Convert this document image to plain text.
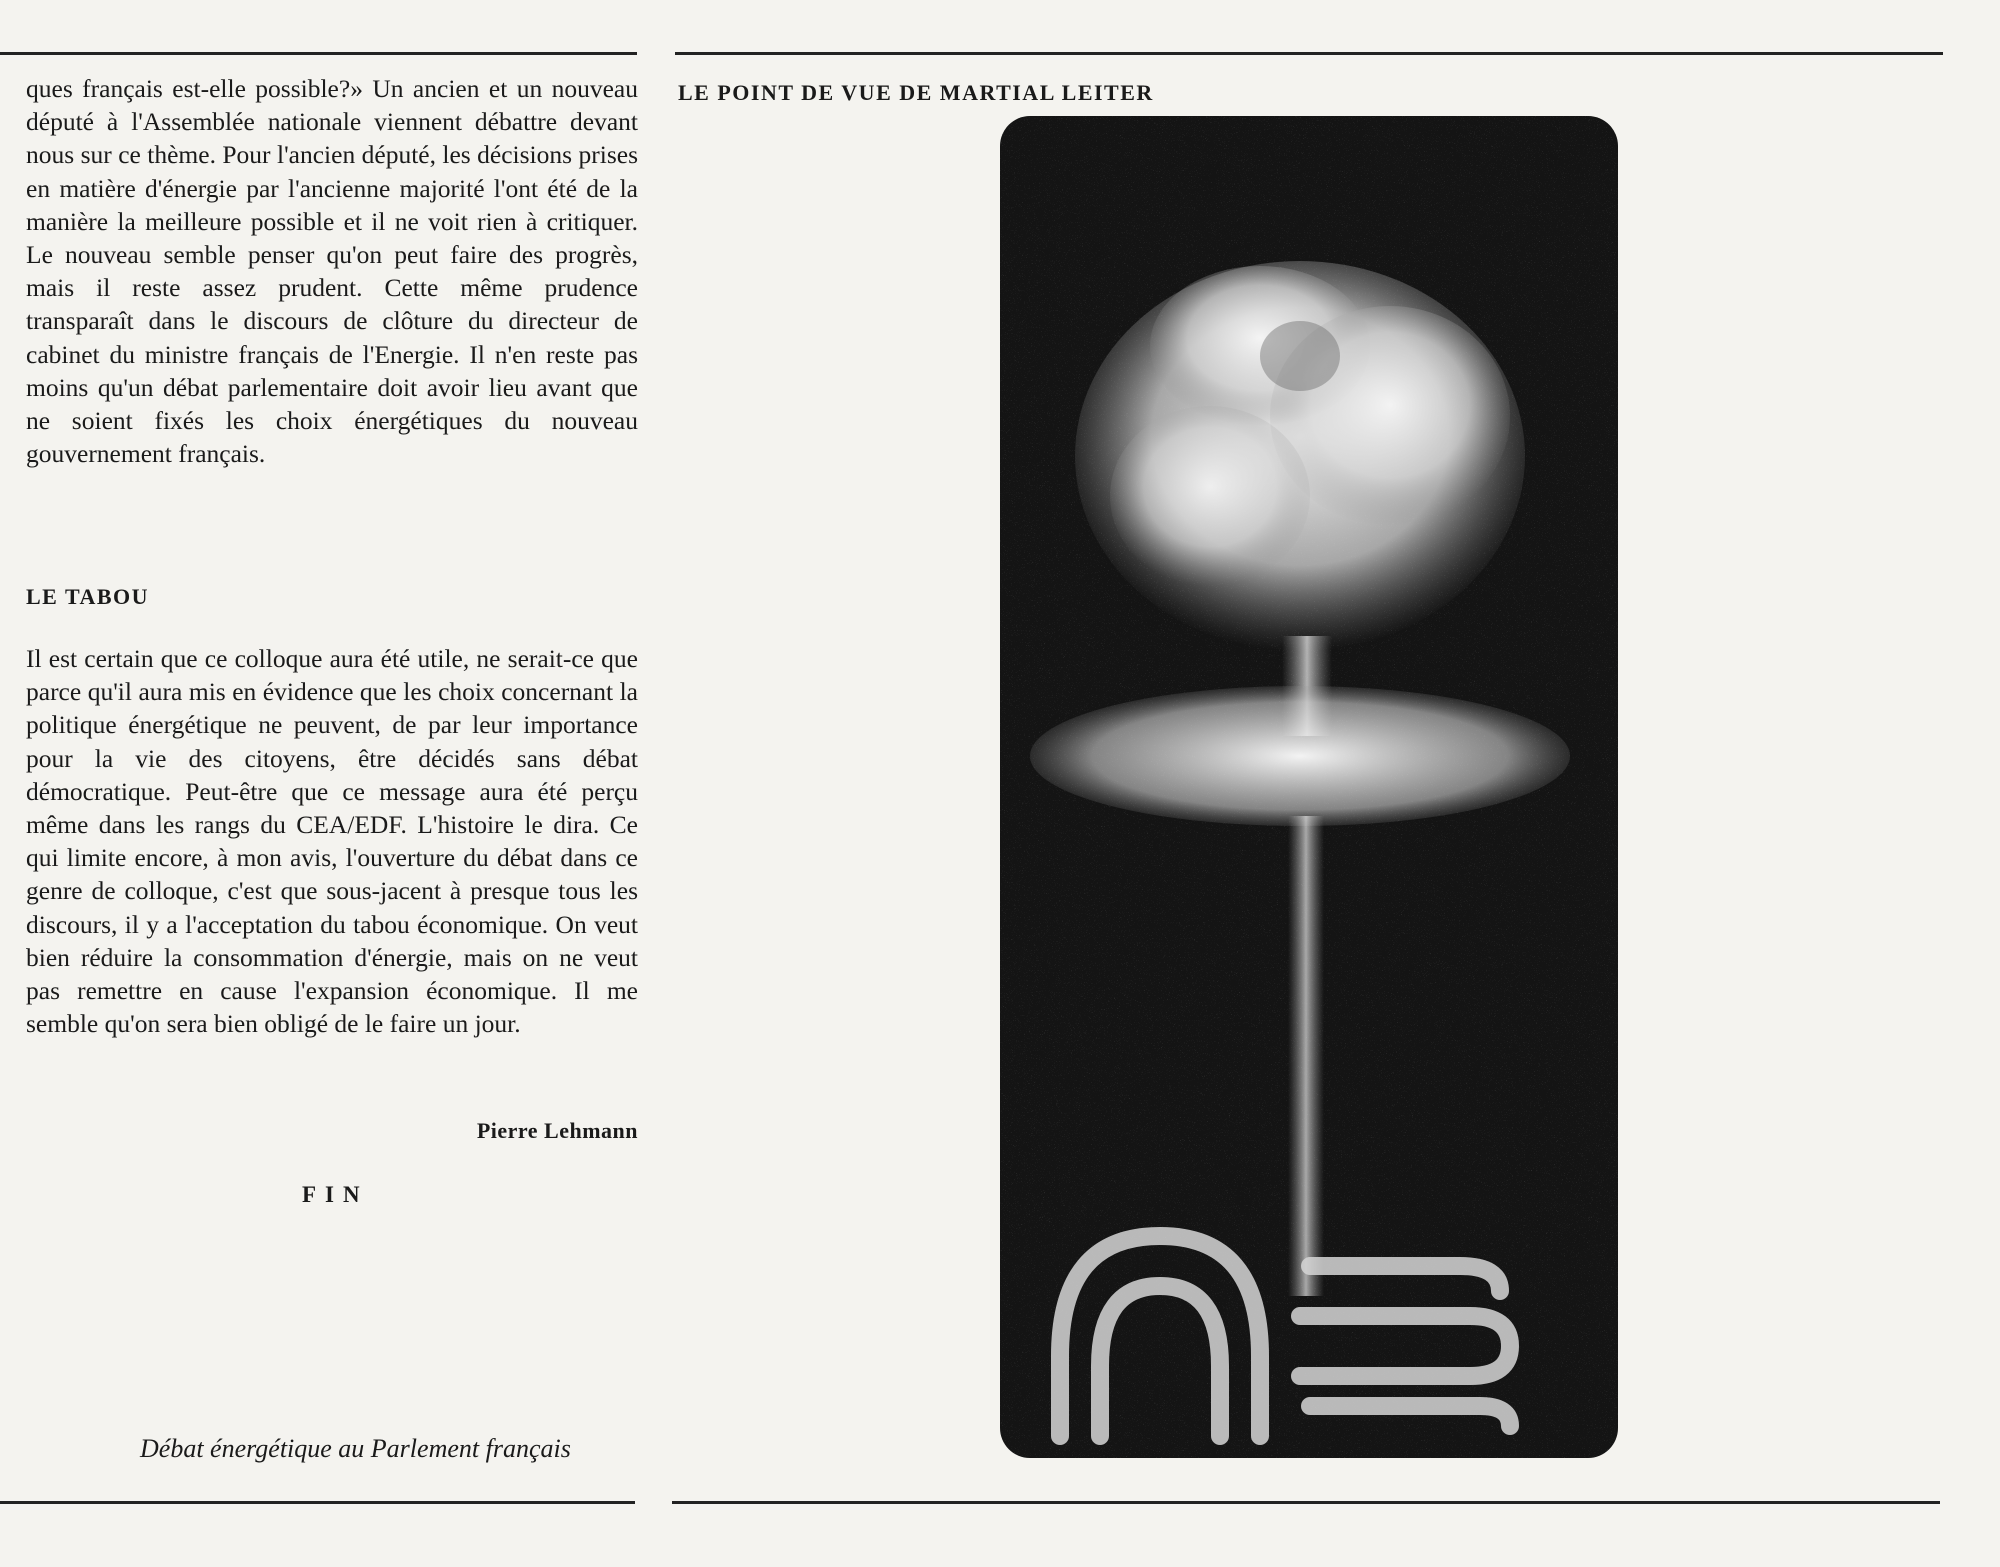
ques français est-elle possible?» Un ancien et un nouveau député à l'Assemblée nationale viennent débattre devant nous sur ce thème. Pour l'ancien député, les décisions prises en matière d'énergie par l'ancienne majorité l'ont été de la manière la meilleure possible et il ne voit rien à critiquer. Le nouveau semble penser qu'on peut faire des progrès, mais il reste assez prudent. Cette même prudence transparaît dans le discours de clôture du directeur de cabinet du ministre français de l'Energie. Il n'en reste pas moins qu'un débat parlementaire doit avoir lieu avant que ne soient fixés les choix énergétiques du nouveau gouvernement français.

LE TABOU

Il est certain que ce colloque aura été utile, ne serait-ce que parce qu'il aura mis en évidence que les choix concernant la politique énergétique ne peuvent, de par leur importance pour la vie des citoyens, être décidés sans débat démocratique. Peut-être que ce message aura été perçu même dans les rangs du CEA/EDF. L'histoire le dira. Ce qui limite encore, à mon avis, l'ouverture du débat dans ce genre de colloque, c'est que sous-jacent à presque tous les discours, il y a l'acceptation du tabou économique. On veut bien réduire la consommation d'énergie, mais on ne veut pas remettre en cause l'expansion économique. Il me semble qu'on sera bien obligé de le faire un jour.

Pierre Lehmann
FIN
Débat énergétique au Parlement français
LE POINT DE VUE DE MARTIAL LEITER
